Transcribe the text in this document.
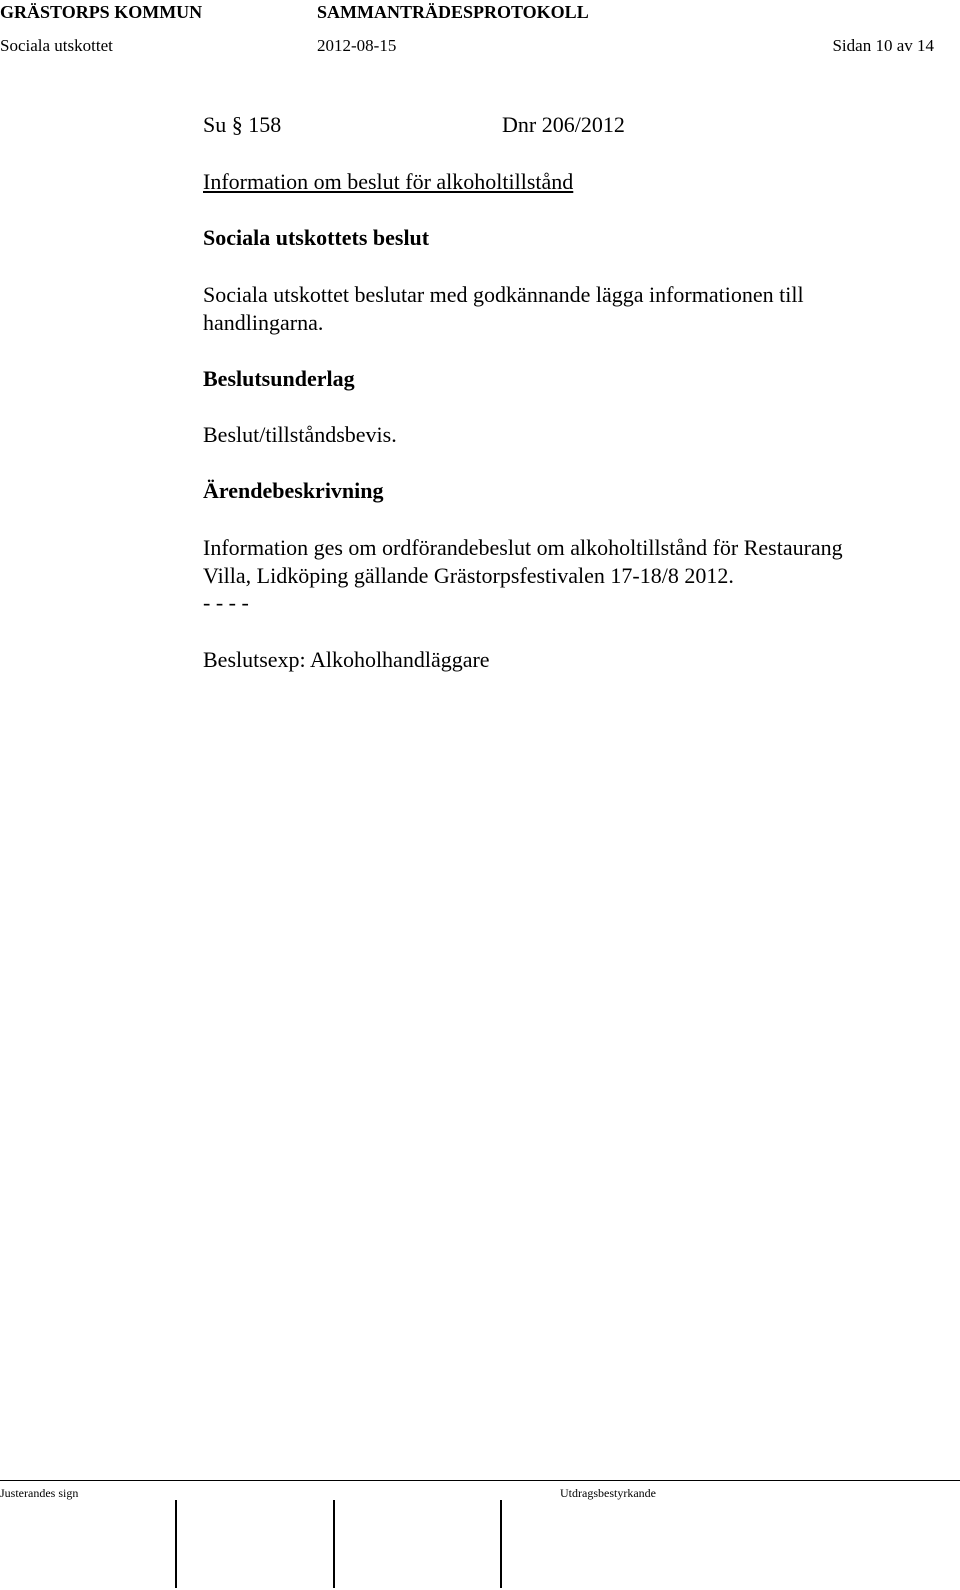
GRÄSTORPS KOMMUN	SAMMANTRÄDESPROTOKOLL
Sociala utskottet	2012-08-15	Sidan 10 av 14
Su § 158	Dnr 206/2012
Information om beslut för alkoholtillstånd
Sociala utskottets beslut
Sociala utskottet beslutar med godkännande lägga informationen till
handlingarna.
Beslutsunderlag
Beslut/tillståndsbevis.
Ärendebeskrivning
Information ges om ordförandebeslut om alkoholtillstånd för Restaurang
Villa, Lidköping gällande Grästorpsfestivalen 17-18/8 2012.
- - - -
Beslutsexp: Alkoholhandläggare
Justerandes sign	Utdragsbestyrkande
